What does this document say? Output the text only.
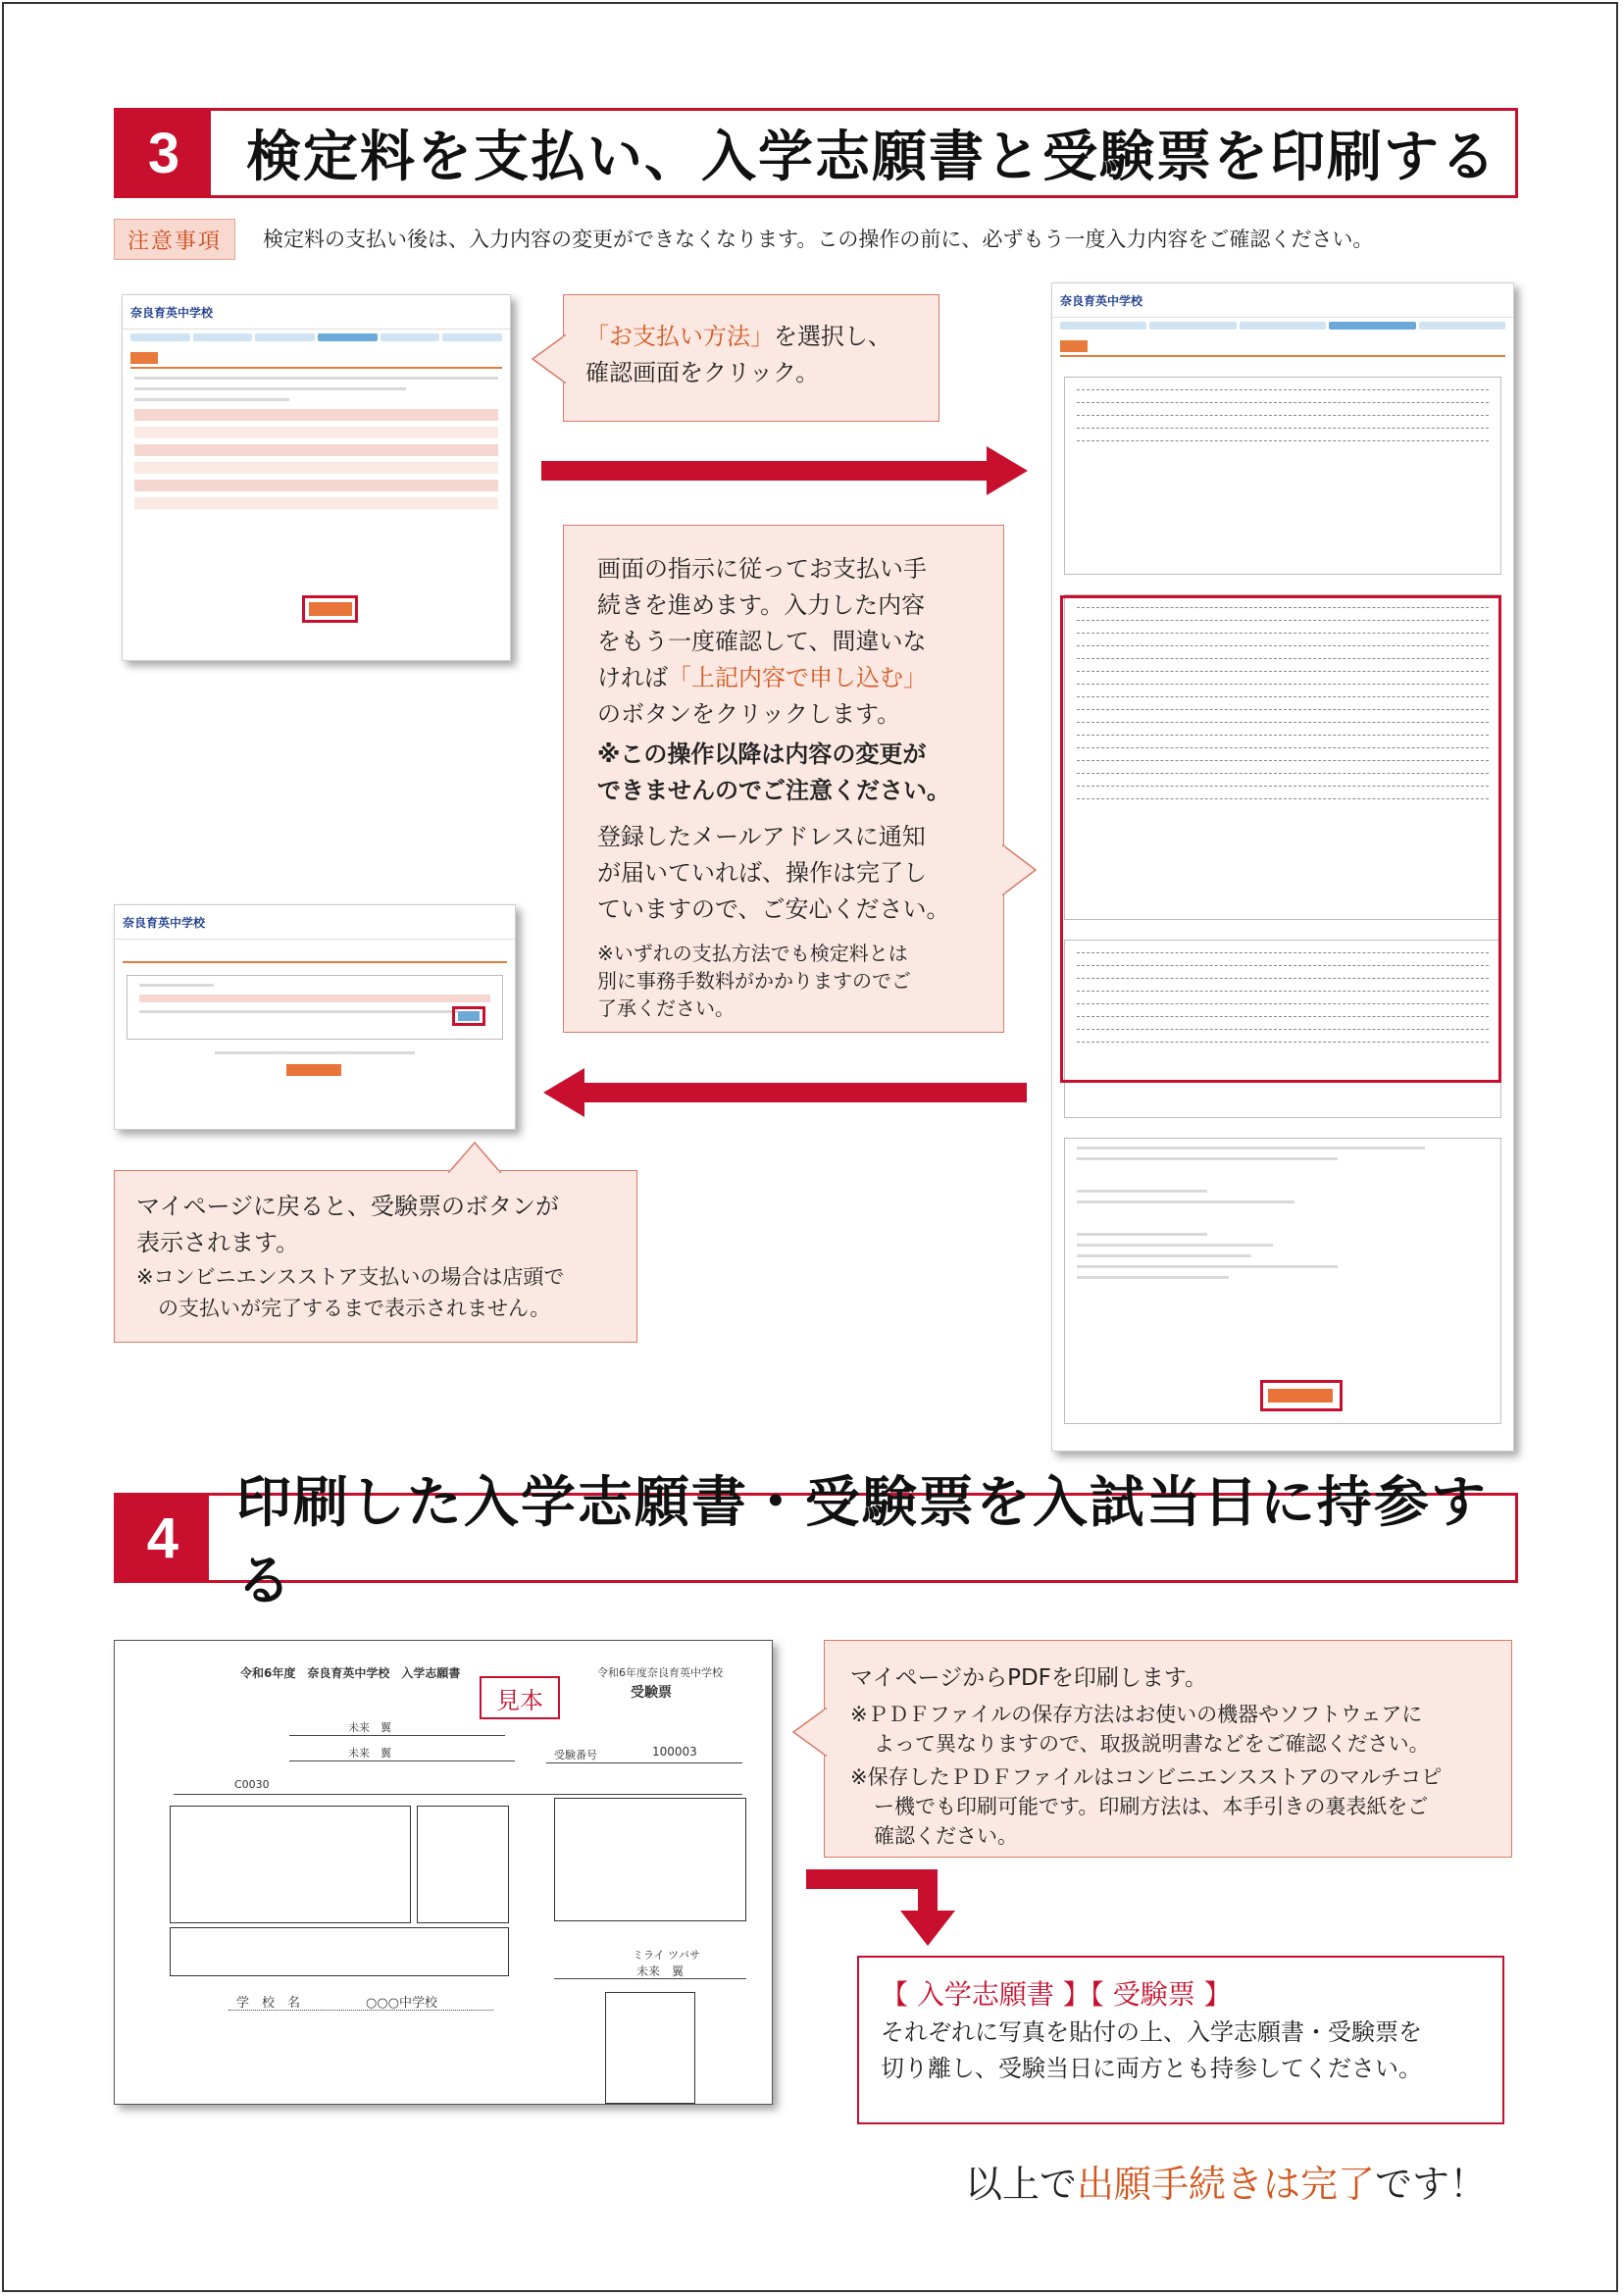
3	検定料を支払い、入学志願書と受験票を印刷する
注意事項	検定料の支払い後は、入力内容の変更ができなくなります。この操作の前に、必ずもう一度入力内容をご確認ください。
奈良育英中学校
「お支払い方法」を選択し、
確認画面をクリック。
奈良育英中学校
画面の指示に従ってお支払い手
続きを進めます。入力した内容
をもう一度確認して、間違いな
ければ「上記内容で申し込む」
のボタンをクリックします。
※この操作以降は内容の変更が
できませんのでご注意ください。
登録したメールアドレスに通知
が届いていれば、操作は完了し
ていますので、ご安心ください。
※いずれの支払方法でも検定料とは
別に事務手数料がかかりますのでご
了承ください。
奈良育英中学校
マイページに戻ると、受験票のボタンが
表示されます。
※コンビニエンスストア支払いの場合は店頭で
の支払いが完了するまで表示されません。
4
印刷した入学志願書・受験票を入試当日に持参する
令和6年度　奈良育英中学校　入学志願書	令和6年度奈良育英中学校
受験票
見本
未来　翼
未来　翼	受験番号	100003
C0030
ミライ ツバサ
未来　翼
学　校　名	○○○中学校
マイページからPDFを印刷します。
※ＰＤＦファイルの保存方法はお使いの機器やソフトウェアに
よって異なりますので、取扱説明書などをご確認ください。
※保存したＰＤＦファイルはコンビニエンスストアのマルチコピ
ー機でも印刷可能です。印刷方法は、本手引きの裏表紙をご
確認ください。
【 入学志願書 】【 受験票 】
それぞれに写真を貼付の上、入学志願書・受験票を
切り離し、受験当日に両方とも持参してください。
以上で出願手続きは完了です！
